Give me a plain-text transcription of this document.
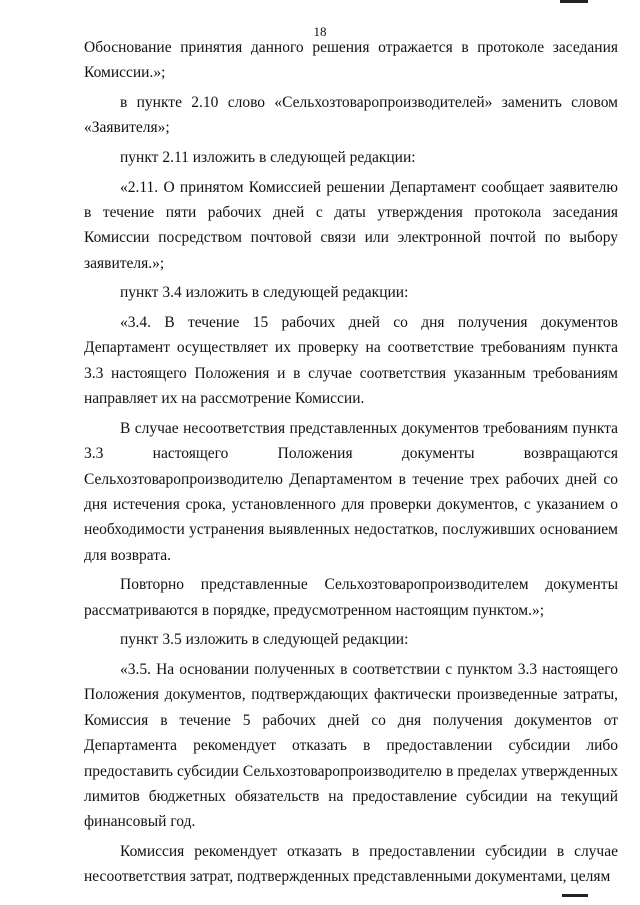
18

Обоснование принятия данного решения отражается в протоколе заседания Комиссии.»;

в пункте 2.10 слово «Сельхозтоваропроизводителей» заменить словом «Заявителя»;

пункт 2.11 изложить в следующей редакции:

«2.11. О принятом Комиссией решении Департамент сообщает заявителю в течение пяти рабочих дней с даты утверждения протокола заседания Комиссии посредством почтовой связи или электронной почтой по выбору заявителя.»;

пункт 3.4 изложить в следующей редакции:

«3.4. В течение 15 рабочих дней со дня получения документов Департамент осуществляет их проверку на соответствие требованиям пункта 3.3 настоящего Положения и в случае соответствия указанным требованиям направляет их на рассмотрение Комиссии.

В случае несоответствия представленных документов требованиям пункта 3.3 настоящего Положения документы возвращаются Сельхозтоваропроизводителю Департаментом в течение трех рабочих дней со дня истечения срока, установленного для проверки документов, с указанием о необходимости устранения выявленных недостатков, послуживших основанием для возврата.

Повторно представленные Сельхозтоваропроизводителем документы рассматриваются в порядке, предусмотренном настоящим пунктом.»;

пункт 3.5 изложить в следующей редакции:

«3.5. На основании полученных в соответствии с пунктом 3.3 настоящего Положения документов, подтверждающих фактически произведенные затраты, Комиссия в течение 5 рабочих дней со дня получения документов от Департамента рекомендует отказать в предоставлении субсидии либо предоставить субсидии Сельхозтоваропроизводителю в пределах утвержденных лимитов бюджетных обязательств на предоставление субсидии на текущий финансовый год.

Комиссия рекомендует отказать в предоставлении субсидии в случае несоответствия затрат, подтвержденных представленными документами, целям
